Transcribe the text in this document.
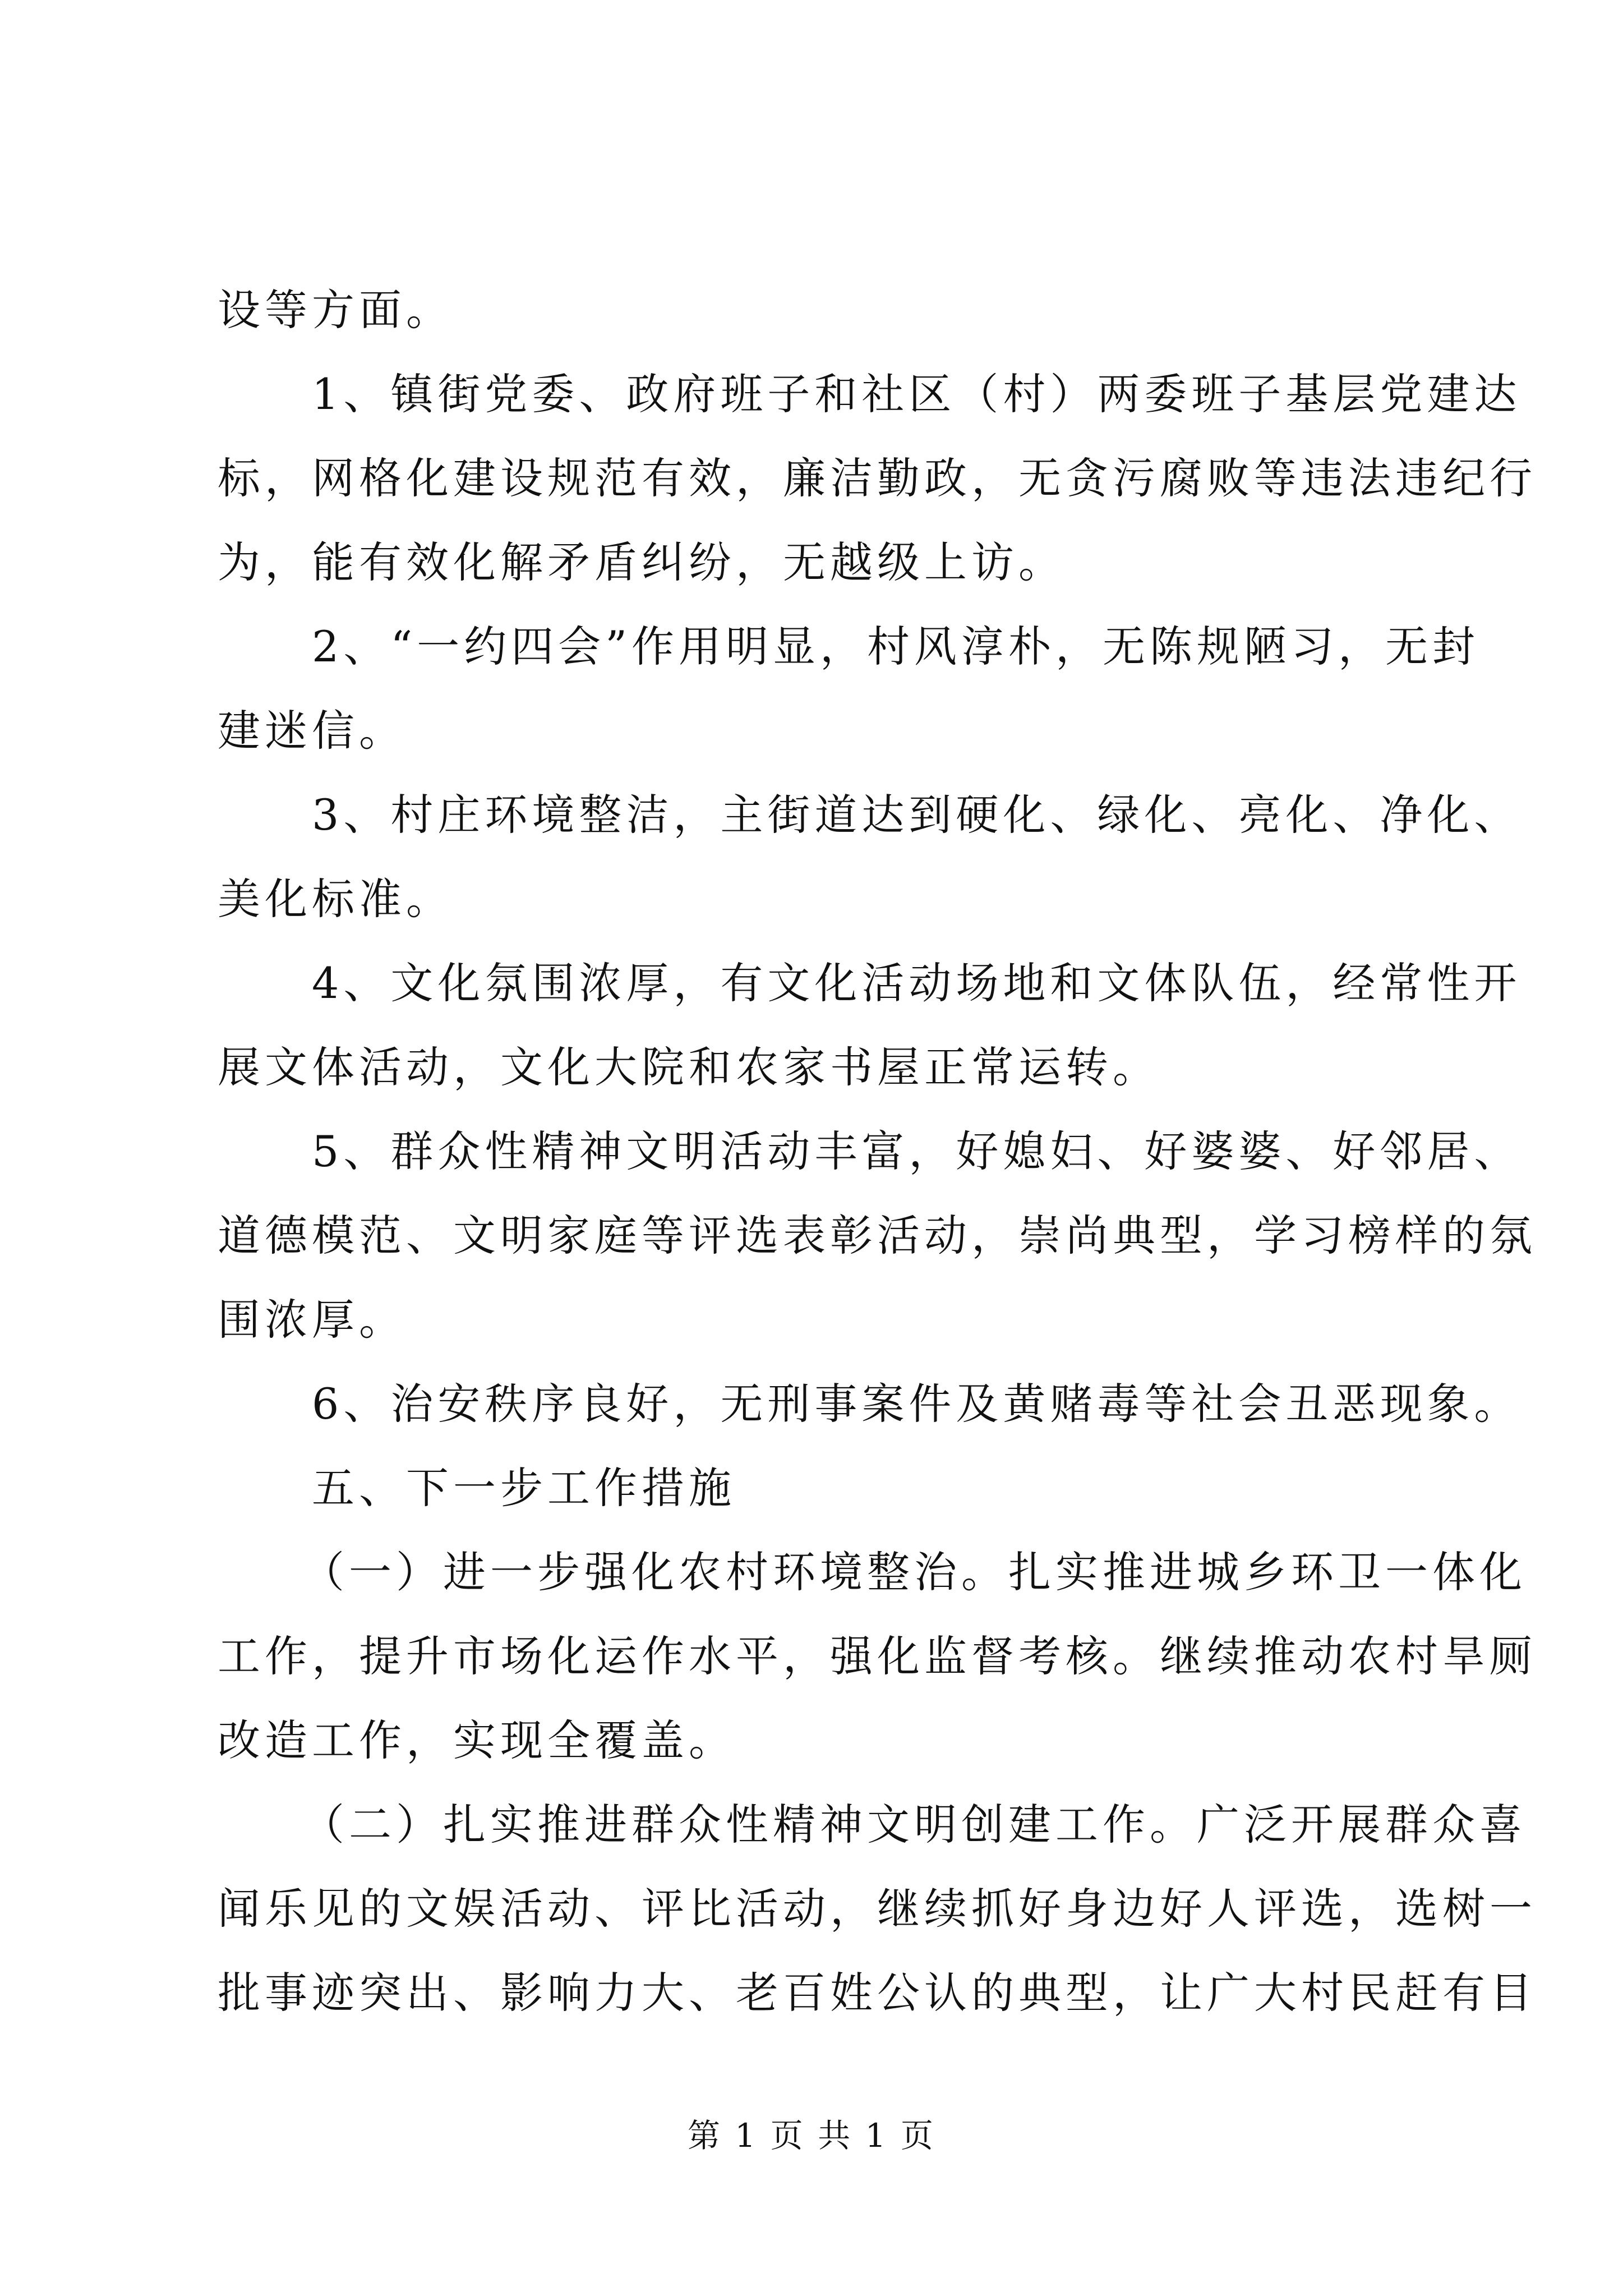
设等方面。
1、镇街党委、政府班子和社区（村）两委班子基层党建达
标，网格化建设规范有效，廉洁勤政，无贪污腐败等违法违纪行
为，能有效化解矛盾纠纷，无越级上访。
2、“一约四会”作用明显，村风淳朴，无陈规陋习，无封
建迷信。
3、村庄环境整洁，主街道达到硬化、绿化、亮化、净化、
美化标准。
4、文化氛围浓厚，有文化活动场地和文体队伍，经常性开
展文体活动，文化大院和农家书屋正常运转。
5、群众性精神文明活动丰富，好媳妇、好婆婆、好邻居、
道德模范、文明家庭等评选表彰活动，崇尚典型，学习榜样的氛
围浓厚。
6、治安秩序良好，无刑事案件及黄赌毒等社会丑恶现象。
五、下一步工作措施
（一）进一步强化农村环境整治。扎实推进城乡环卫一体化
工作，提升市场化运作水平，强化监督考核。继续推动农村旱厕
改造工作，实现全覆盖。
（二）扎实推进群众性精神文明创建工作。广泛开展群众喜
闻乐见的文娱活动、评比活动，继续抓好身边好人评选，选树一
批事迹突出、影响力大、老百姓公认的典型，让广大村民赶有目
第 1 页 共 1 页
